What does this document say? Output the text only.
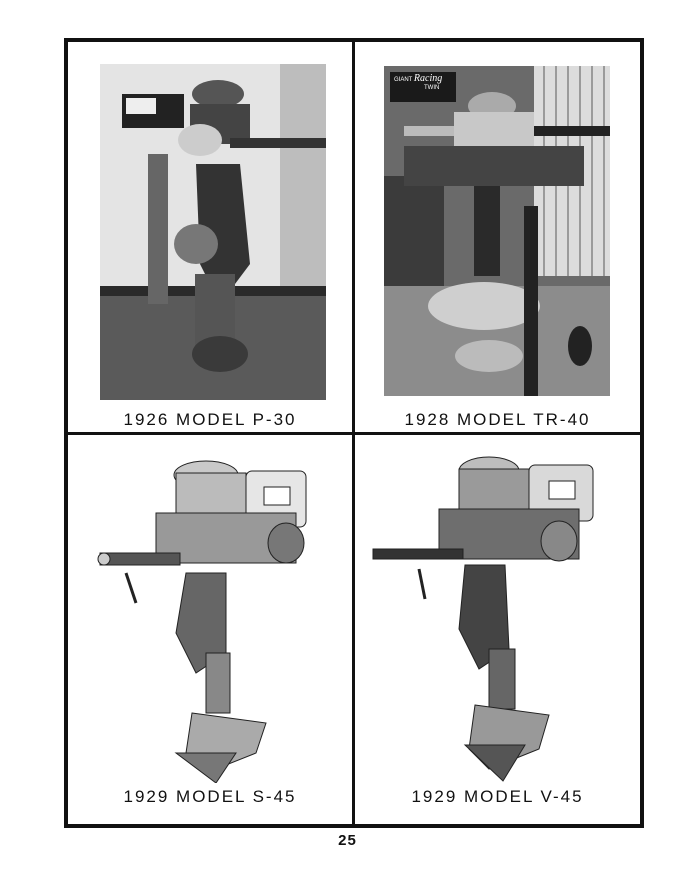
1926 MODEL P-30
GIANT Racing
TWIN
1928 MODEL TR-40
1929 MODEL S-45	1929 MODEL V-45
25
